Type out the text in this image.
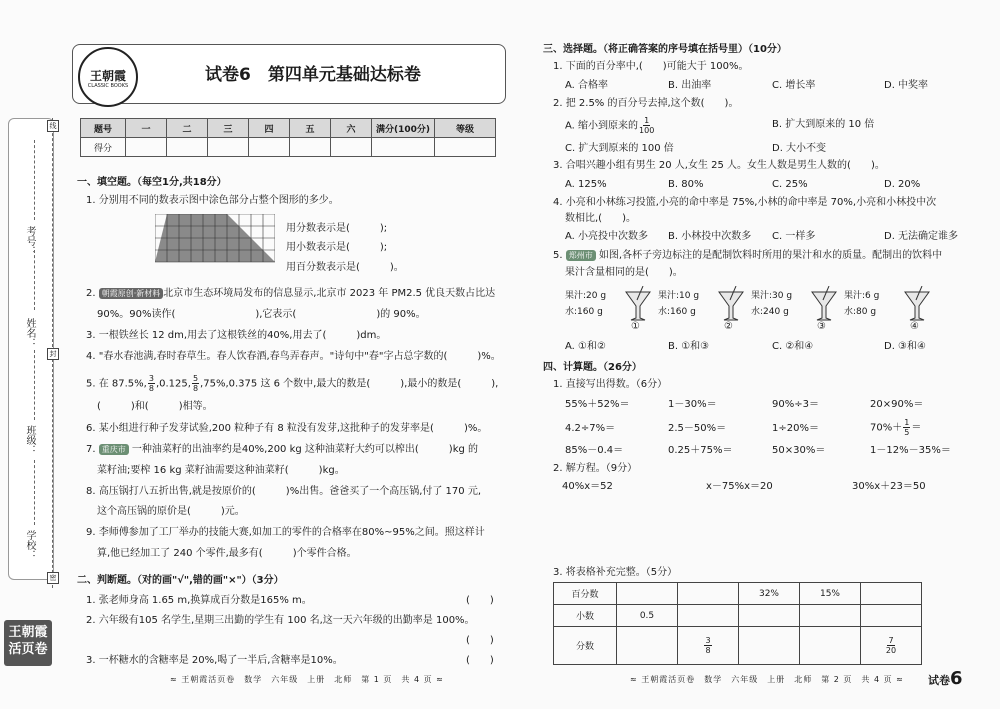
线
封
密
考号：
姓名：
班级：
学校：
王朝霞
活页卷
王朝霞
CLASSIC BOOKS
试卷6　第四单元基础达标卷
题号	一	二	三	四	五	六	满分(100分)	等级
得分								
一、填空题。（每空1分,共18分）
1. 分别用不同的数表示图中涂色部分占整个图形的多少。
用分数表示是(　　　);
用小数表示是(　　　);
用百分数表示是(　　　)。
2. 朝霞原创·新材料 北京市生态环境局发布的信息显示,北京市 2023 年 PM2.5 优良天数占比达
90%。90%读作(　　　　　　　　),它表示(　　　　　　　　)的 90%。
3. 一根铁丝长 12 dm,用去了这根铁丝的40%,用去了(　　　)dm。
4. "春水春池满,春时春草生。春人饮春酒,春鸟弄春声。"诗句中"春"字占总字数的(　　　)%。
5. 在 87.5%, $\frac{3}{8} ,0.125$, $\frac{5}{8} ,75\%,0.375$ 这 6 个数中,最大的数是(　　　),最小的数是(　　　),
(　　　)和(　　　)相等。
6. 某小组进行种子发芽试验,200 粒种子有 8 粒没有发芽,这批种子的发芽率是(　　　)%。
7. 重庆市 一种油菜籽的出油率约是40%,200 kg 这种油菜籽大约可以榨出(　　　)kg 的
菜籽油;要榨 16 kg 菜籽油需要这种油菜籽(　　　)kg。
8. 高压锅打八五折出售,就是按原价的(　　　)%出售。爸爸买了一个高压锅,付了 170 元,
这个高压锅的原价是(　　　)元。
9. 李师傅参加了工厂举办的技能大赛,如加工的零件的合格率在80%~95%之间。照这样计
算,他已经加工了 240 个零件,最多有(　　　)个零件合格。
二、判断题。（对的画"√",错的画"×"）（3分）
1. 张老师身高 1.65 m,换算成百分数是165% m。	(　　)
2. 六年级有105 名学生,星期三出勤的学生有 100 名,这一天六年级的出勤率是 100%。
(　　)
3. 一杯糖水的含糖率是 20%,喝了一半后,含糖率是10%。	(　　)
≈ 王朝霞活页卷　数学　六年级　上册　北师　第 1 页　共 4 页 ≈
三、选择题。（将正确答案的序号填在括号里）（10分）
1. 下面的百分率中,(　　)可能大于 100%。
A. 合格率	B. 出油率	C. 增长率	D. 中奖率
2. 把 2.5% 的百分号去掉,这个数(　　)。
A. 缩小到原来的 $\frac{1}{100}$	B. 扩大到原来的 10 倍
C. 扩大到原来的 100 倍	D. 大小不变
3. 合唱兴趣小组有男生 20 人,女生 25 人。女生人数是男生人数的(　　)。
A. 125%	B. 80%	C. 25%	D. 20%
4. 小亮和小林练习投篮,小亮的命中率是 75%,小林的命中率是 70%,小亮和小林投中次
数相比,(　　)。
A. 小亮投中次数多 B. 小林投中次数多 C. 一样多	D. 无法确定谁多
5. 郑州市 如图,各杯子旁边标注的是配制饮料时所用的果汁和水的质量。配制出的饮料中
果汁含量相同的是(　　)。
果汁:20 g
水:160 g
①
果汁:10 g
水:160 g
②
果汁:30 g
水:240 g
③
果汁:6 g
水:80 g
④
A. ①和②	B. ①和③	C. ②和④	D. ③和④
四、计算题。（26分）
1. 直接写出得数。（6分）
55%＋52%＝	1－30%＝	90%÷3＝	20×90%＝
4.2÷7%＝	2.5－50%＝	1÷20%＝	$70\%+ \frac{1}{5}$ ＝
85%－0.4＝	0.25＋75%＝	50×30%＝	1－12%－35%＝
2. 解方程。（9分）
40%x＝52	x－75%x＝20	30%x＋23＝50
3. 将表格补充完整。（5分）
百分数			32%	15%	
小数	0.5				
分数		$\frac{3}{8}$			$\frac{7}{20}$
≈ 王朝霞活页卷　数学　六年级　上册　北师　第 2 页　共 4 页 ≈ 试卷6
